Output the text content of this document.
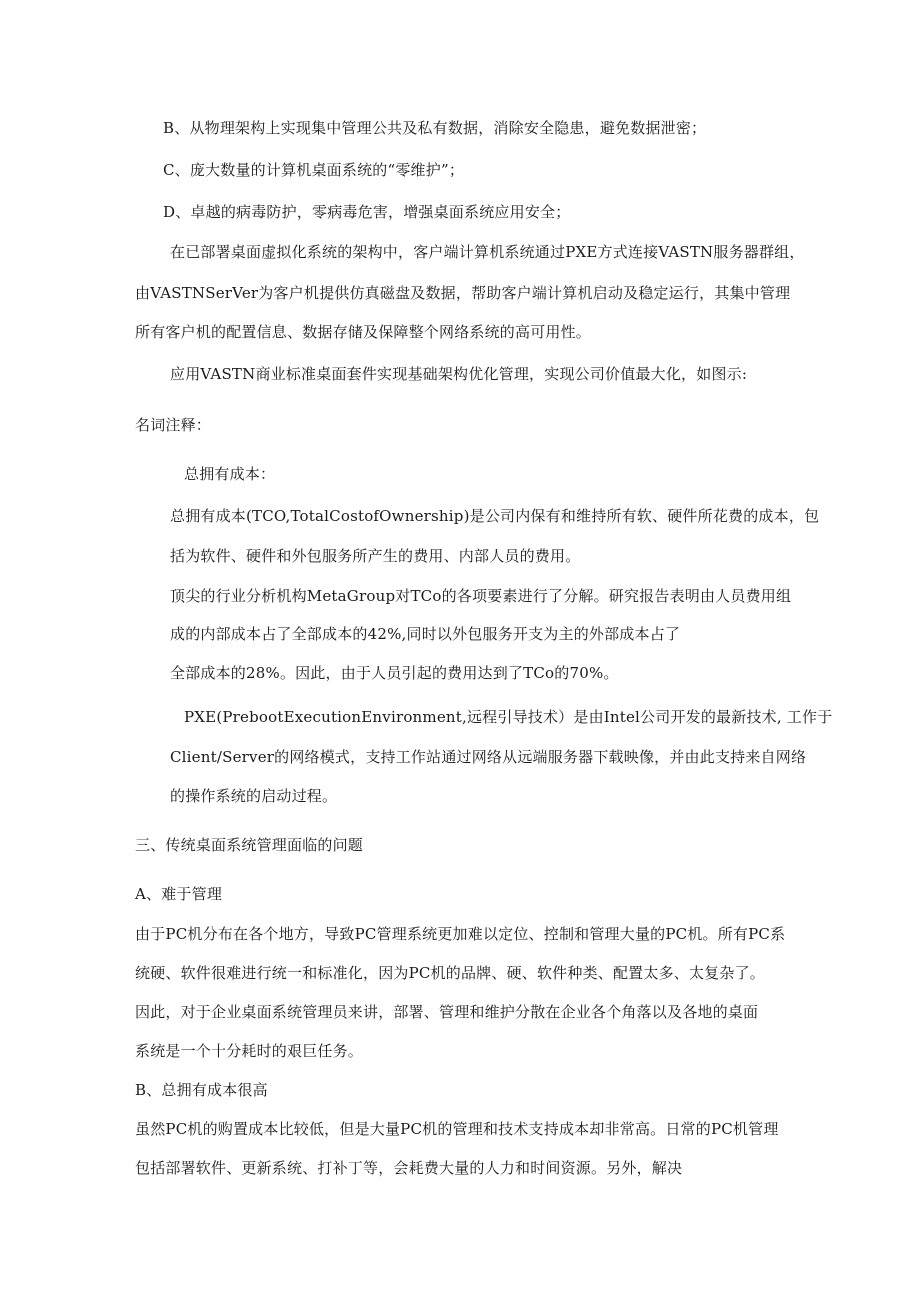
B、从物理架构上实现集中管理公共及私有数据，消除安全隐患，避免数据泄密；
C、庞大数量的计算机桌面系统的“零维护”；
D、卓越的病毒防护，零病毒危害，增强桌面系统应用安全；
在已部署桌面虚拟化系统的架构中，客户端计算机系统通过PXE方式连接VASTN服务器群组，
由VASTNSerVer为客户机提供仿真磁盘及数据，帮助客户端计算机启动及稳定运行，其集中管理
所有客户机的配置信息、数据存储及保障整个网络系统的高可用性。
应用VASTN商业标准桌面套件实现基础架构优化管理，实现公司价值最大化，如图示:
名词注释：
总拥有成本：
总拥有成本(TCO,TotalCostofOwnership)是公司内保有和维持所有软、硬件所花费的成本，包
括为软件、硬件和外包服务所产生的费用、内部人员的费用。
顶尖的行业分析机构MetaGroup对TCo的各项要素进行了分解。研究报告表明由人员费用组
成的内部成本占了全部成本的42%,同时以外包服务开支为主的外部成本占了
全部成本的28%。因此，由于人员引起的费用达到了TCo的70%。
PXE(PrebootExecutionEnvironment,远程引导技术）是由Intel公司开发的最新技术, 工作于
Client/Server的网络模式，支持工作站通过网络从远端服务器下载映像，并由此支持来自网络
的操作系统的启动过程。
三、传统桌面系统管理面临的问题
A、难于管理
由于PC机分布在各个地方，导致PC管理系统更加难以定位、控制和管理大量的PC机。所有PC系
统硬、软件很难进行统一和标准化，因为PC机的品牌、硬、软件种类、配置太多、太复杂了。
因此，对于企业桌面系统管理员来讲，部署、管理和维护分散在企业各个角落以及各地的桌面
系统是一个十分耗时的艰巨任务。
B、总拥有成本很高
虽然PC机的购置成本比较低，但是大量PC机的管理和技术支持成本却非常高。日常的PC机管理
包括部署软件、更新系统、打补丁等，会耗费大量的人力和时间资源。另外，解决
